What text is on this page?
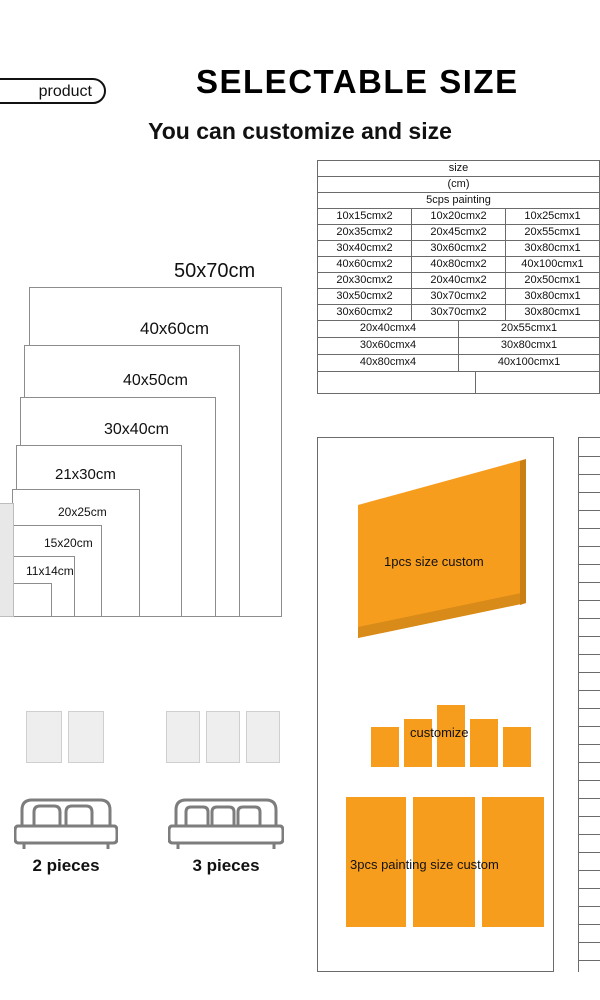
product	SELECTABLE SIZE
You can customize and size
size
(cm)
5cps painting
10x15cmx2	10x20cmx2	10x25cmx1
20x35cmx2	20x45cmx2	20x55cmx1
30x40cmx2	30x60cmx2	30x80cmx1
40x60cmx2	40x80cmx2	40x100cmx1
20x30cmx2	20x40cmx2	20x50cmx1
30x50cmx2	30x70cmx2	30x80cmx1
30x60cmx2	30x70cmx2	30x80cmx1
20x40cmx4	20x55cmx1
30x60cmx4	30x80cmx1
40x80cmx4	40x100cmx1
50x70cm
40x60cm
40x50cm
30x40cm
21x30cm
20x25cm
15x20cm
11x14cm
2 pieces	3 pieces
1pcs size custom
customize
3pcs painting size custom
